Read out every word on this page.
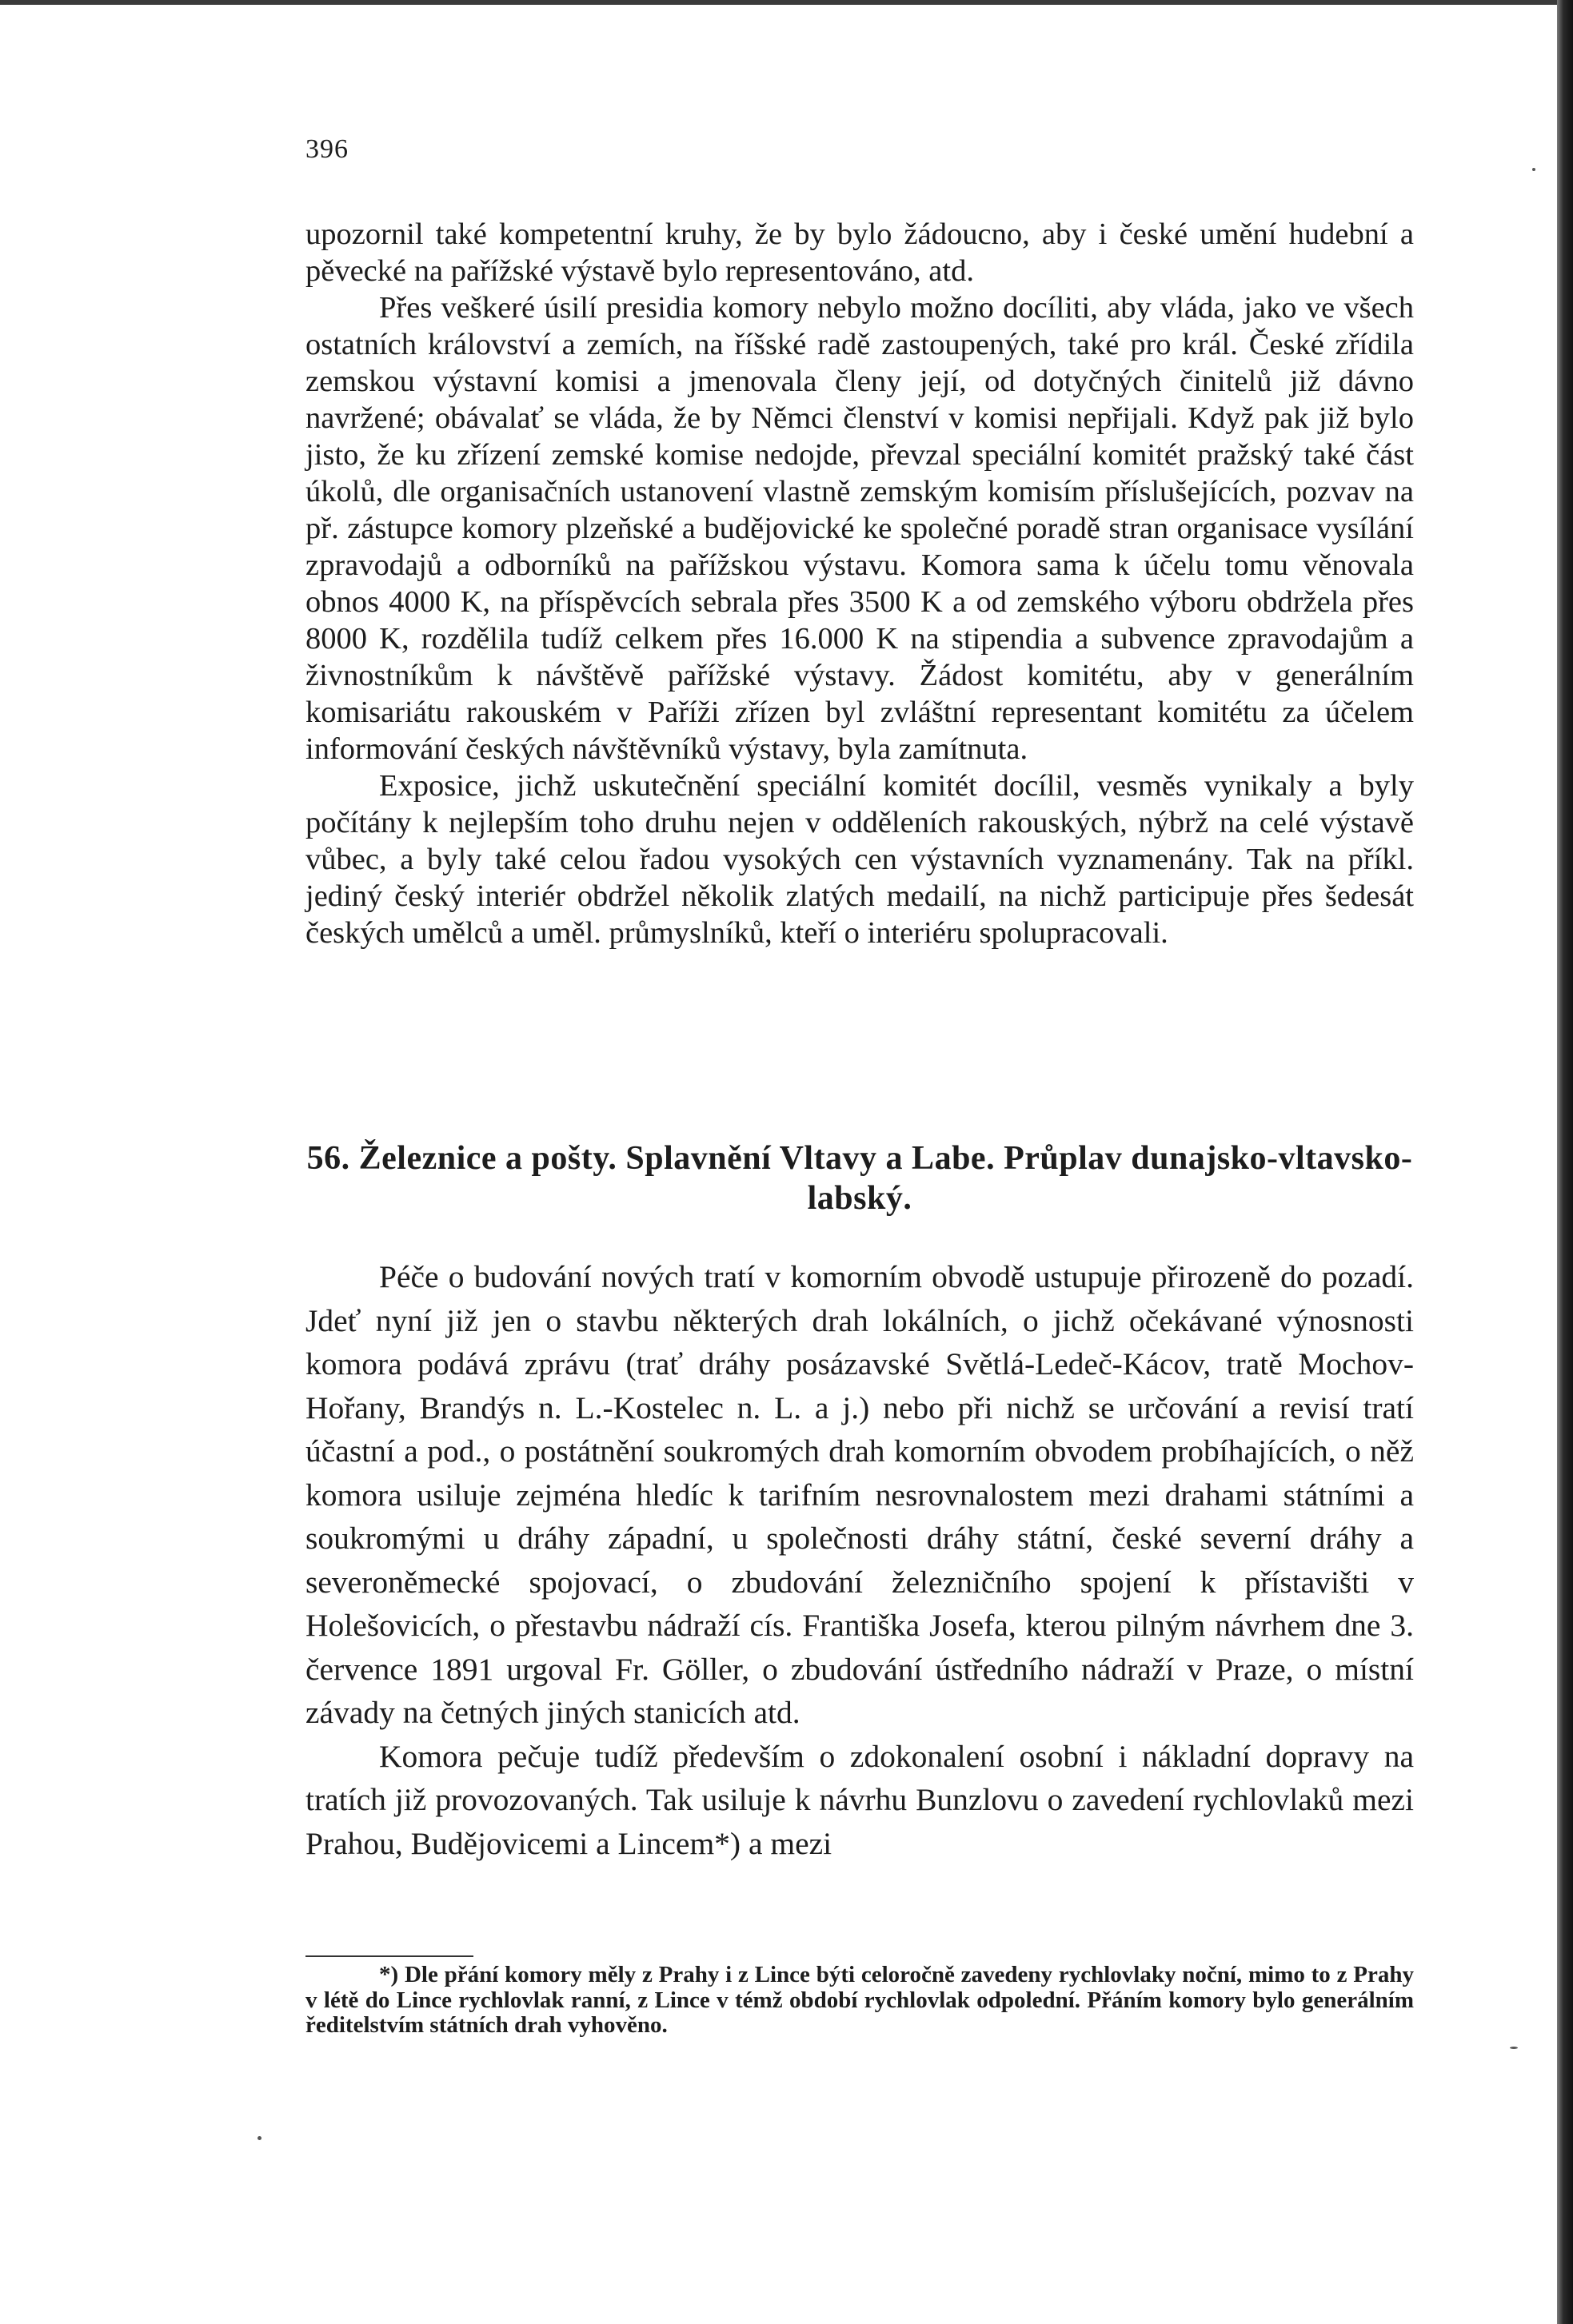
396

upozornil také kompetentní kruhy, že by bylo žádoucno, aby i české umění hudební a pěvecké na pařížské výstavě bylo representováno, atd.

Přes veškeré úsilí presidia komory nebylo možno docíliti, aby vláda, jako ve všech ostatních království a zemích, na říšské radě zastoupených, také pro král. České zřídila zemskou výstavní komisi a jmenovala členy její, od dotyčných činitelů již dávno navržené; obávalať se vláda, že by Němci členství v komisi nepřijali. Když pak již bylo jisto, že ku zřízení zemské komise nedojde, převzal speciální komitét pražský také část úkolů, dle organisačních ustanovení vlastně zemským komisím příslušejících, pozvav na př. zástupce komory plzeňské a budějovické ke společné poradě stran organisace vysílání zpravodajů a odborníků na pařížskou výstavu. Komora sama k účelu tomu věnovala obnos 4000 K, na příspěvcích sebrala přes 3500 K a od zemského výboru obdržela přes 8000 K, rozdělila tudíž celkem přes 16.000 K na stipendia a subvence zpravodajům a živnostníkům k návštěvě pařížské výstavy. Žádost komitétu, aby v generálním komisariátu rakouském v Paříži zřízen byl zvláštní representant komitétu za účelem informování českých návštěvníků výstavy, byla zamítnuta.

Exposice, jichž uskutečnění speciální komitét docílil, vesměs vynikaly a byly počítány k nejlepším toho druhu nejen v odděleních rakouských, nýbrž na celé výstavě vůbec, a byly také celou řadou vysokých cen výstavních vyznamenány. Tak na příkl. jediný český interiér obdržel několik zlatých medailí, na nichž participuje přes šedesát českých umělců a uměl. průmyslníků, kteří o interiéru spolupracovali.

56. Železnice a pošty. Splavnění Vltavy a Labe. Průplav dunajsko-vltavsko-labský.

Péče o budování nových tratí v komorním obvodě ustupuje přirozeně do pozadí. Jdeť nyní již jen o stavbu některých drah lokálních, o jichž očekávané výnosnosti komora podává zprávu (trať dráhy posázavské Světlá-Ledeč-Kácov, tratě Mochov-Hořany, Brandýs n. L.-Kostelec n. L. a j.) nebo při nichž se určování a revisí tratí účastní a pod., o postátnění soukromých drah komorním obvodem probíhajících, o něž komora usiluje zejména hledíc k tarifním nesrovnalostem mezi drahami státními a soukromými u dráhy západní, u společnosti dráhy státní, české severní dráhy a severoněmecké spojovací, o zbudování železničního spojení k přístavišti v Holešovicích, o přestavbu nádraží cís. Františka Josefa, kterou pilným návrhem dne 3. července 1891 urgoval Fr. Göller, o zbudování ústředního nádraží v Praze, o místní závady na četných jiných stanicích atd.

Komora pečuje tudíž především o zdokonalení osobní i nákladní dopravy na tratích již provozovaných. Tak usiluje k návrhu Bunzlovu o zavedení rychlovlaků mezi Prahou, Budějovicemi a Lincem*) a mezi

*) Dle přání komory měly z Prahy i z Lince býti celoročně zavedeny rychlovlaky noční, mimo to z Prahy v létě do Lince rychlovlak ranní, z Lince v témž období rychlovlak odpolední. Přáním komory bylo generálním ředitelstvím státních drah vyhověno.
